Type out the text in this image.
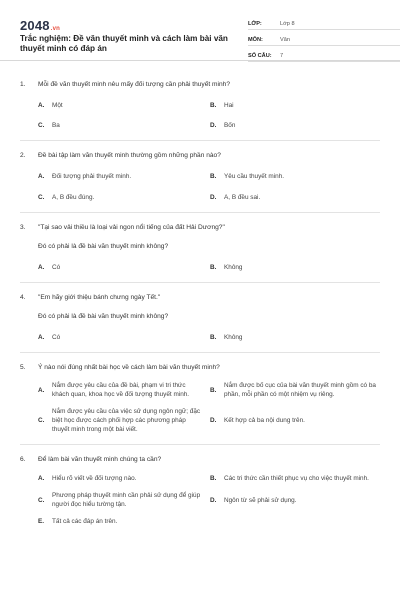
2048.vn
Trắc nghiệm: Đề văn thuyết minh và cách làm bài văn thuyết minh có đáp án
LỚP:	Lớp 8
MÔN:	Văn
SỐ CÂU:	7
1.	Mỗi đề văn thuyết minh nêu mấy đối tượng cần phải thuyết minh?
A.	Một	B.	Hai
C.	Ba	D.	Bốn
2.	Đề bài tập làm văn thuyết minh thường gồm những phần nào?
A.	Đối tượng phải thuyết minh.	B.	Yêu cầu thuyết minh.
C.	A, B đều đúng.	D.	A, B đều sai.
3.	"Tại sao vải thiều là loại vải ngon nổi tiếng của đất Hải Dương?"
Đó có phải là đề bài văn thuyết minh không?
A.	Có	B.	Không
4.	"Em hãy giới thiệu bánh chưng ngày Tết."
Đó có phải là đề bài văn thuyết minh không?
A.	Có	B.	Không
5.	Ý nào nói đúng nhất bài học về cách làm bài văn thuyết minh?
A.
Nắm được yêu cầu của đề bài, phạm vi tri thức khách quan, khoa học về đối tượng thuyết minh.
B.
Nắm được bố cục của bài văn thuyết minh gồm có ba phần, mỗi phần có một nhiệm vụ riêng.
C.
Nắm được yêu cầu của việc sử dụng ngôn ngữ; đặc biệt học được cách phối hợp các phương pháp thuyết minh trong một bài viết.
D.	Kết hợp cả ba nội dung trên.
6.	Để làm bài văn thuyết minh chúng ta cần?
A.	Hiểu rõ viết về đối tượng nào.	B.	Các tri thức cần thiết phục vụ cho việc thuyết minh.
C.
Phương pháp thuyết minh cần phải sử dụng để giúp người đọc hiểu tường tận.
D.	Ngôn từ sẽ phải sử dụng.
E.	Tất cả các đáp án trên.
